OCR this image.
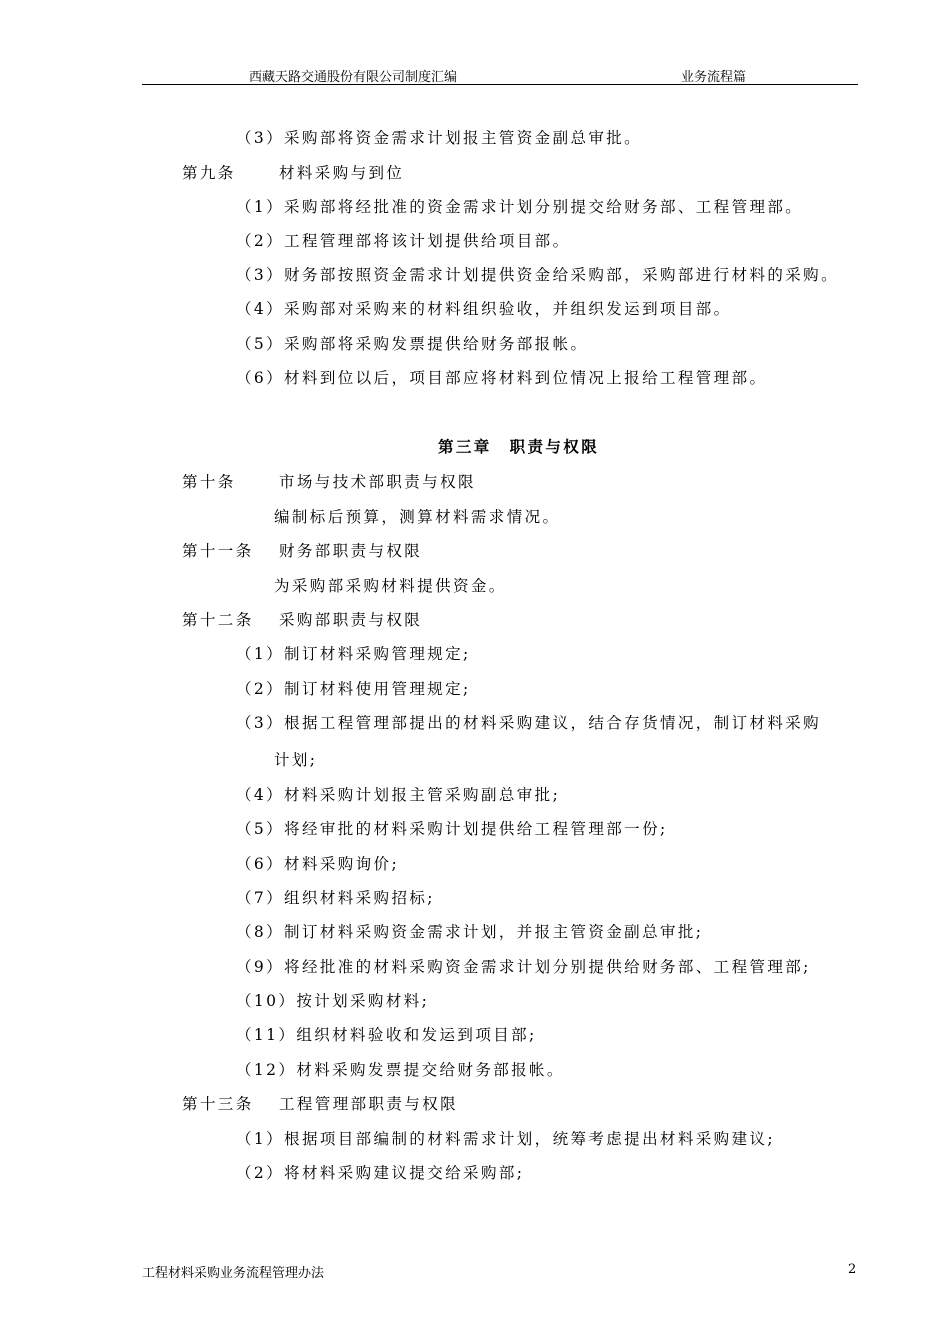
西藏天路交通股份有限公司制度汇编	业务流程篇
（3）采购部将资金需求计划报主管资金副总审批。
第九条	材料采购与到位
（1）采购部将经批准的资金需求计划分别提交给财务部、工程管理部。
（2）工程管理部将该计划提供给项目部。
（3）财务部按照资金需求计划提供资金给采购部，采购部进行材料的采购。
（4）采购部对采购来的材料组织验收，并组织发运到项目部。
（5）采购部将采购发票提供给财务部报帐。
（6）材料到位以后，项目部应将材料到位情况上报给工程管理部。
第三章　职责与权限
第十条	市场与技术部职责与权限
编制标后预算，测算材料需求情况。
第十一条 财务部职责与权限
为采购部采购材料提供资金。
第十二条 采购部职责与权限
（1）制订材料采购管理规定;
（2）制订材料使用管理规定;
（3）根据工程管理部提出的材料采购建议，结合存货情况，制订材料采购
计划;
（4）材料采购计划报主管采购副总审批;
（5）将经审批的材料采购计划提供给工程管理部一份;
（6）材料采购询价;
（7）组织材料采购招标;
（8）制订材料采购资金需求计划，并报主管资金副总审批;
（9）将经批准的材料采购资金需求计划分别提供给财务部、工程管理部;
（10）按计划采购材料;
（11）组织材料验收和发运到项目部;
（12）材料采购发票提交给财务部报帐。
第十三条 工程管理部职责与权限
（1）根据项目部编制的材料需求计划，统筹考虑提出材料采购建议;
（2）将材料采购建议提交给采购部;
工程材料采购业务流程管理办法	2
